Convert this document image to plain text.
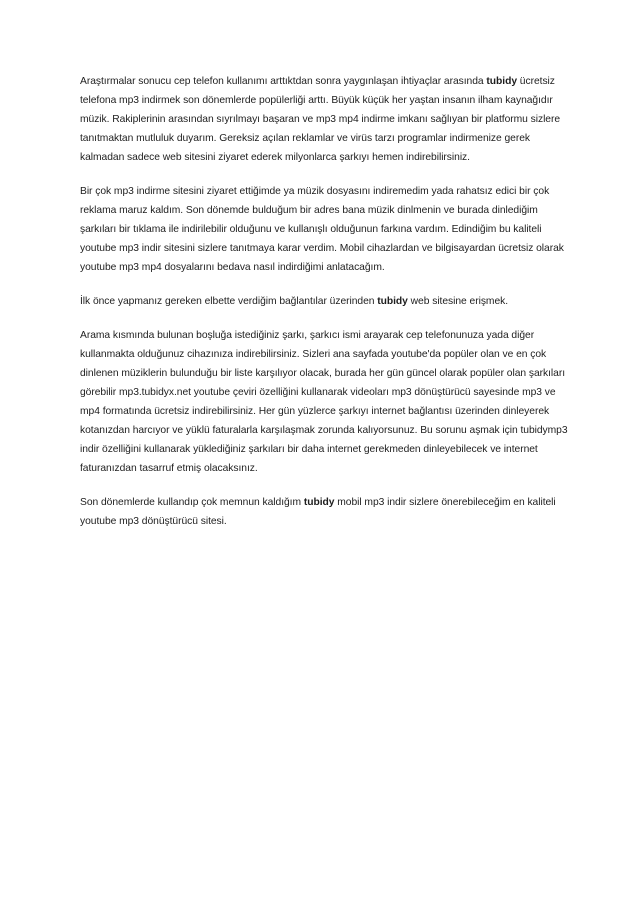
Araştırmalar sonucu cep telefon kullanımı arttıktdan sonra yaygınlaşan ihtiyaçlar arasında tubidy ücretsiz telefona mp3 indirmek son dönemlerde popülerliği arttı. Büyük küçük her yaştan insanın ilham kaynağıdır müzik. Rakiplerinin arasından sıyrılmayı başaran ve mp3 mp4 indirme imkanı sağlıyan bir platformu sizlere tanıtmaktan mutluluk duyarım. Gereksiz açılan reklamlar ve virüs tarzı programlar indirmenize gerek kalmadan sadece web sitesini ziyaret ederek milyonlarca şarkıyı hemen indirebilirsiniz.

Bir çok mp3 indirme sitesini ziyaret ettiğimde ya müzik dosyasını indiremedim yada rahatsız edici bir çok reklama maruz kaldım. Son dönemde bulduğum bir adres bana müzik dinlmenin ve burada dinlediğim şarkıları bir tıklama ile indirilebilir olduğunu ve kullanışlı olduğunun farkına vardım. Edindiğim bu kaliteli youtube mp3 indir sitesini sizlere tanıtmaya karar verdim. Mobil cihazlardan ve bilgisayardan ücretsiz olarak youtube mp3 mp4 dosyalarını bedava nasıl indirdiğimi anlatacağım.

İlk önce yapmanız gereken elbette verdiğim bağlantılar üzerinden tubidy web sitesine erişmek.

Arama kısmında bulunan boşluğa istediğiniz şarkı, şarkıcı ismi arayarak cep telefonunuza yada diğer kullanmakta olduğunuz cihazınıza indirebilirsiniz. Sizleri ana sayfada youtube'da popüler olan ve en çok dinlenen müziklerin bulunduğu bir liste karşılıyor olacak, burada her gün güncel olarak popüler olan şarkıları görebilir mp3.tubidyx.net youtube çeviri özelliğini kullanarak videoları mp3 dönüştürücü sayesinde mp3 ve mp4 formatında ücretsiz indirebilirsiniz. Her gün yüzlerce şarkıyı internet bağlantısı üzerinden dinleyerek kotanızdan harcıyor ve yüklü faturalarla karşılaşmak zorunda kalıyorsunuz. Bu sorunu aşmak için tubidymp3 indir özelliğini kullanarak yüklediğiniz şarkıları bir daha internet gerekmeden dinleyebilecek ve internet faturanızdan tasarruf etmiş olacaksınız.

Son dönemlerde kullandıp çok memnun kaldığım tubidy mobil mp3 indir sizlere önerebileceğim en kaliteli youtube mp3 dönüştürücü sitesi.
